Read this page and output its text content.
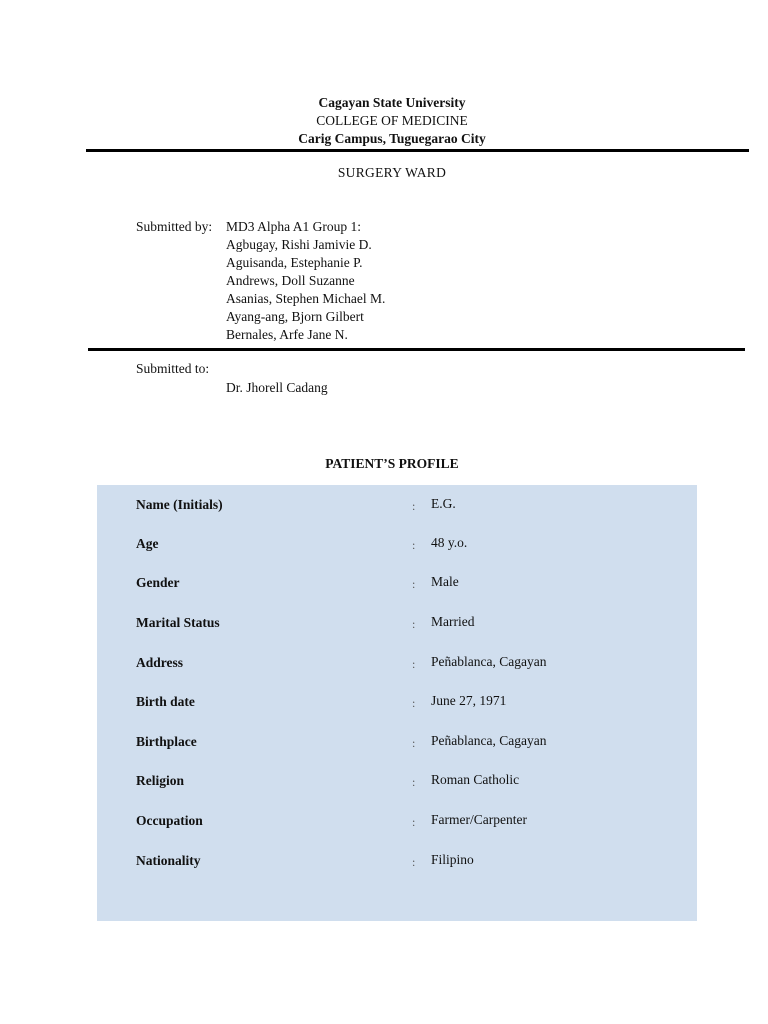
Cagayan State University
COLLEGE OF MEDICINE
Carig Campus, Tuguegarao City
SURGERY WARD
Submitted by: MD3 Alpha A1 Group 1:
Agbugay, Rishi Jamivie D.
Aguisanda, Estephanie P.
Andrews, Doll Suzanne
Asanias, Stephen Michael M.
Ayang-ang, Bjorn Gilbert
Bernales, Arfe Jane N.
Submitted to:
Dr. Jhorell Cadang
PATIENT’S PROFILE
Name (Initials)	: E.G.
Age	: 48 y.o.
Gender	: Male
Marital Status	: Married
Address	: Peñablanca, Cagayan
Birth date	: June 27, 1971
Birthplace	: Peñablanca, Cagayan
Religion	: Roman Catholic
Occupation	: Farmer/Carpenter
Nationality	: Filipino
